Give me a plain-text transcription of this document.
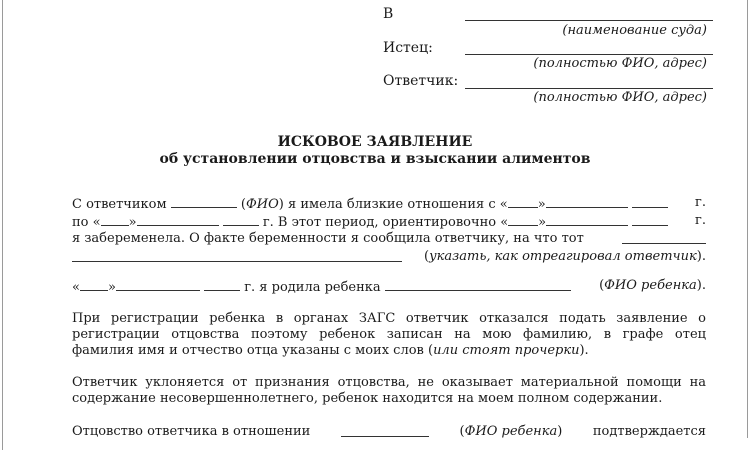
В
(наименование суда)
Истец:
(полностью ФИО, адрес)
Ответчик:
(полностью ФИО, адрес)
ИСКОВОЕ ЗАЯВЛЕНИЕ
об установлении отцовства и взыскании алиментов
С ответчиком	(ФИО) я имела близкие отношения с « »	г.
по « »	г. В этот период, ориентировочно « »	г.
я забеременела. О факте беременности я сообщила ответчику, на что тот
(указать, как отреагировал ответчик).
« »	г. я родила ребенка	(ФИО ребенка).
При регистрации ребенка в органах ЗАГС ответчик отказался подать заявление о
регистрации отцовства поэтому ребенок записан на мою фамилию, в графе отец
фамилия имя и отчество отца указаны с моих слов (или стоят прочерки).
Ответчик уклоняется от признания отцовства, не оказывает материальной помощи на
содержание несовершеннолетнего, ребенок находится на моем полном содержании.
Отцовство ответчика в отношении	(ФИО ребенка) подтверждается
